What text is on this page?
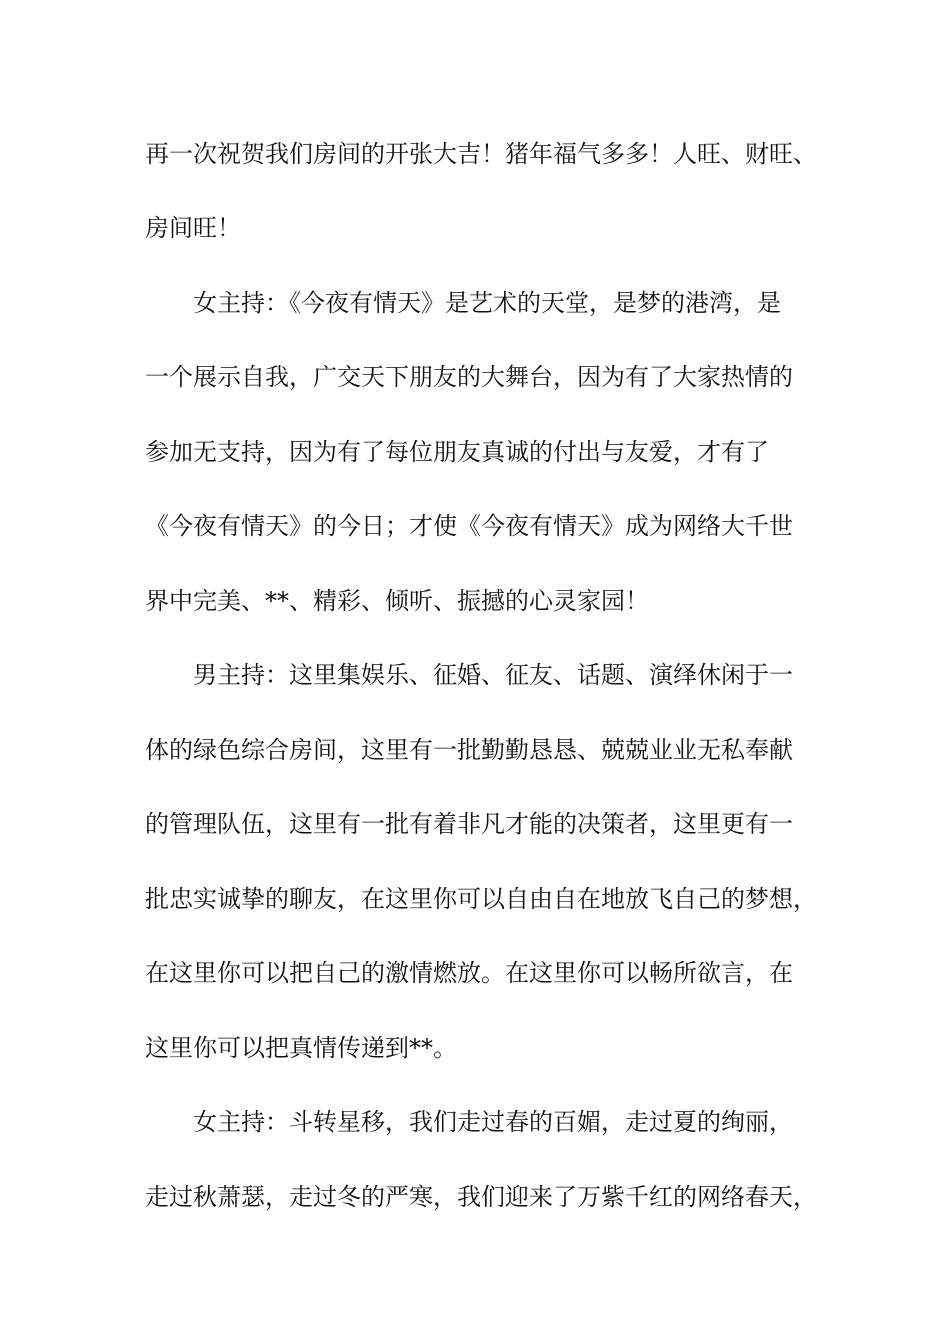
再一次祝贺我们房间的开张大吉！猪年福气多多！人旺、财旺、
房间旺！
女主持：《今夜有情天》是艺术的天堂，是梦的港湾，是
一个展示自我，广交天下朋友的大舞台，因为有了大家热情的
参加无支持，因为有了每位朋友真诚的付出与友爱，才有了
《今夜有情天》的今日；才使《今夜有情天》成为网络大千世
界中完美、**、精彩、倾听、振撼的心灵家园！
男主持：这里集娱乐、征婚、征友、话题、演绎休闲于一
体的绿色综合房间，这里有一批勤勤恳恳、兢兢业业无私奉献
的管理队伍，这里有一批有着非凡才能的决策者，这里更有一
批忠实诚挚的聊友，在这里你可以自由自在地放飞自己的梦想，
在这里你可以把自己的激情燃放。在这里你可以畅所欲言，在
这里你可以把真情传递到**。
女主持：斗转星移，我们走过春的百媚，走过夏的绚丽，
走过秋萧瑟，走过冬的严寒，我们迎来了万紫千红的网络春天，
